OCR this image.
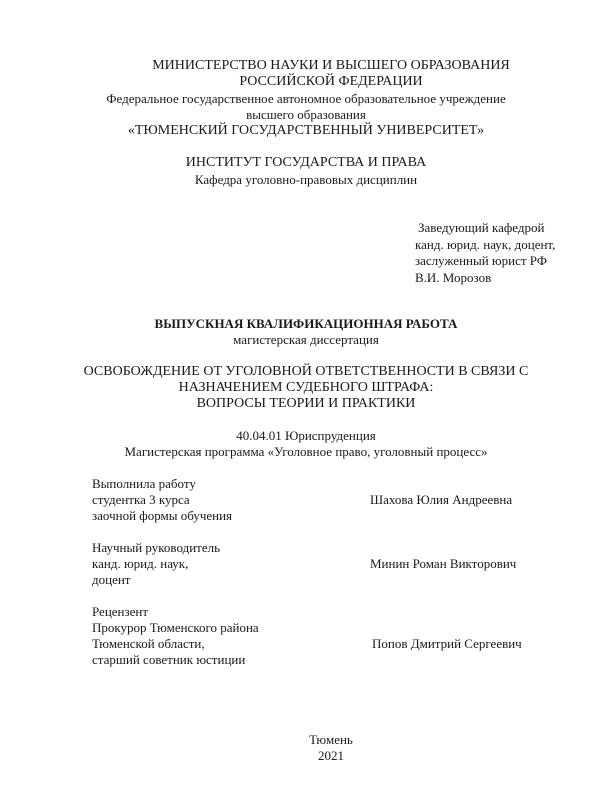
МИНИСТЕРСТВО НАУКИ И ВЫСШЕГО ОБРАЗОВАНИЯ
РОССИЙСКОЙ ФЕДЕРАЦИИ
Федеральное государственное автономное образовательное учреждение
высшего образования
«ТЮМЕНСКИЙ ГОСУДАРСТВЕННЫЙ УНИВЕРСИТЕТ»
ИНСТИТУТ ГОСУДАРСТВА И ПРАВА
Кафедра уголовно-правовых дисциплин
Заведующий кафедрой
канд. юрид. наук, доцент,
заслуженный юрист РФ
В.И. Морозов
ВЫПУСКНАЯ КВАЛИФИКАЦИОННАЯ РАБОТА
магистерская диссертация
ОСВОБОЖДЕНИЕ ОТ УГОЛОВНОЙ ОТВЕТСТВЕННОСТИ В СВЯЗИ С
НАЗНАЧЕНИЕМ СУДЕБНОГО ШТРАФА:
ВОПРОСЫ ТЕОРИИ И ПРАКТИКИ
40.04.01 Юриспруденция
Магистерская программа «Уголовное право, уголовный процесс»
Выполнила работу
студентка 3 курса
заочной формы обучения
Шахова Юлия Андреевна
Научный руководитель
канд. юрид. наук,
доцент
Минин Роман Викторович
Рецензент
Прокурор Тюменского района
Тюменской области,
старший советник юстиции
Попов Дмитрий Сергеевич
Тюмень
2021
